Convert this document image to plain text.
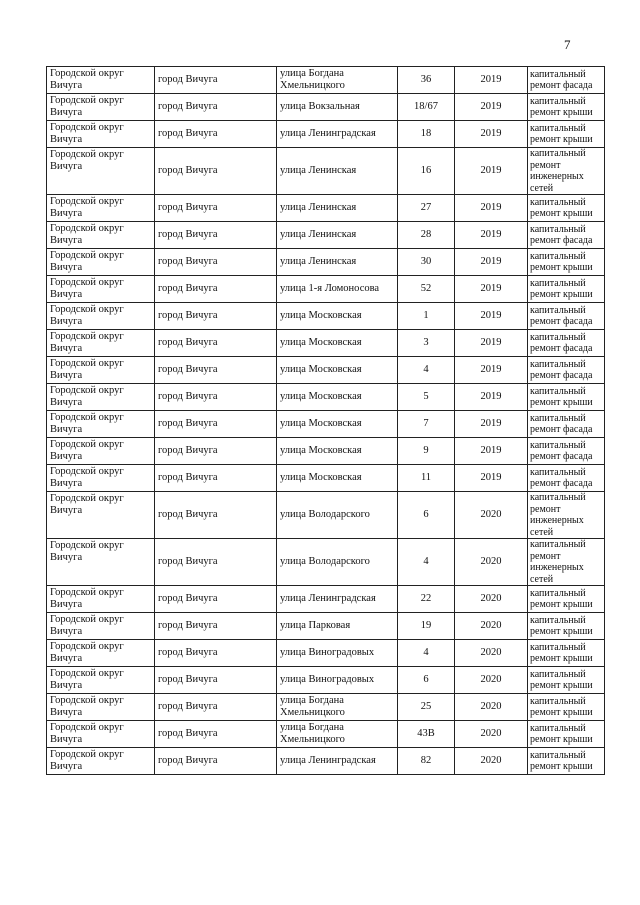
7
Городской округ Вичуга	город Вичуга	улица Богдана Хмельницкого	36	2019	капитальный ремонт фасада
Городской округ Вичуга	город Вичуга	улица Вокзальная	18/67	2019	капитальный ремонт крыши
Городской округ Вичуга	город Вичуга	улица Ленинградская	18	2019	капитальный ремонт крыши
Городской округ Вичуга	город Вичуга	улица Ленинская	16	2019	капитальный ремонт инженерных сетей
Городской округ Вичуга	город Вичуга	улица Ленинская	27	2019	капитальный ремонт крыши
Городской округ Вичуга	город Вичуга	улица Ленинская	28	2019	капитальный ремонт фасада
Городской округ Вичуга	город Вичуга	улица Ленинская	30	2019	капитальный ремонт крыши
Городской округ Вичуга	город Вичуга	улица 1-я Ломоносова	52	2019	капитальный ремонт крыши
Городской округ Вичуга	город Вичуга	улица Московская	1	2019	капитальный ремонт фасада
Городской округ Вичуга	город Вичуга	улица Московская	3	2019	капитальный ремонт фасада
Городской округ Вичуга	город Вичуга	улица Московская	4	2019	капитальный ремонт фасада
Городской округ Вичуга	город Вичуга	улица Московская	5	2019	капитальный ремонт крыши
Городской округ Вичуга	город Вичуга	улица Московская	7	2019	капитальный ремонт фасада
Городской округ Вичуга	город Вичуга	улица Московская	9	2019	капитальный ремонт фасада
Городской округ Вичуга	город Вичуга	улица Московская	11	2019	капитальный ремонт фасада
Городской округ Вичуга	город Вичуга	улица Володарского	6	2020	капитальный ремонт инженерных сетей
Городской округ Вичуга	город Вичуга	улица Володарского	4	2020	капитальный ремонт инженерных сетей
Городской округ Вичуга	город Вичуга	улица Ленинградская	22	2020	капитальный ремонт крыши
Городской округ Вичуга	город Вичуга	улица Парковая	19	2020	капитальный ремонт крыши
Городской округ Вичуга	город Вичуга	улица Виноградовых	4	2020	капитальный ремонт крыши
Городской округ Вичуга	город Вичуга	улица Виноградовых	6	2020	капитальный ремонт крыши
Городской округ Вичуга	город Вичуга	улица Богдана Хмельницкого	25	2020	капитальный ремонт крыши
Городской округ Вичуга	город Вичуга	улица Богдана Хмельницкого	43В	2020	капитальный ремонт крыши
Городской округ Вичуга	город Вичуга	улица Ленинградская	82	2020	капитальный ремонт крыши
